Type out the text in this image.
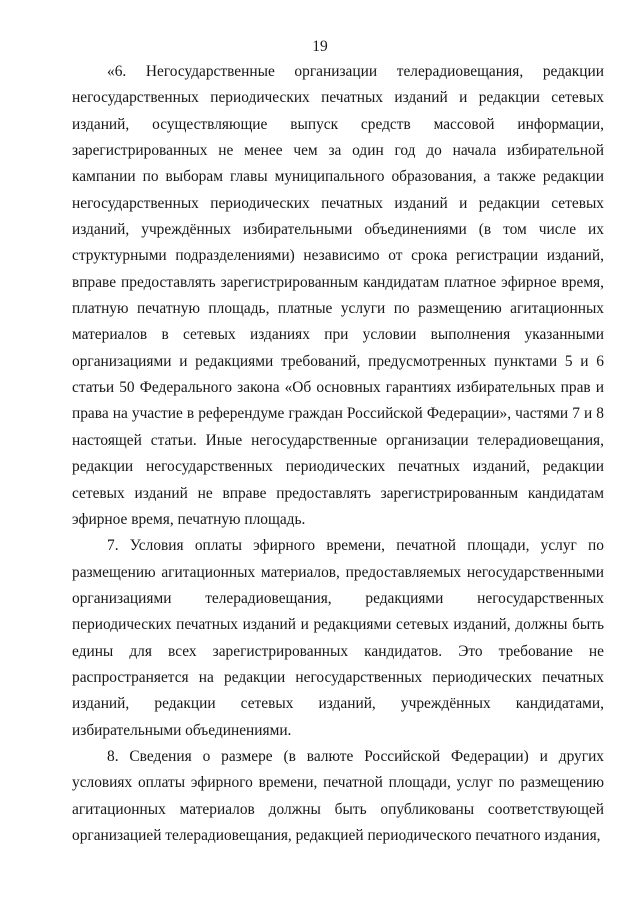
19

«6. Негосударственные организации телерадиовещания, редакции негосударственных периодических печатных изданий и редакции сетевых изданий, осуществляющие выпуск средств массовой информации, зарегистрированных не менее чем за один год до начала избирательной кампании по выборам главы муниципального образования, а также редакции негосударственных периодических печатных изданий и редакции сетевых изданий, учреждённых избирательными объединениями (в том числе их структурными подразделениями) независимо от срока регистрации изданий, вправе предоставлять зарегистрированным кандидатам платное эфирное время, платную печатную площадь, платные услуги по размещению агитационных материалов в сетевых изданиях при условии выполнения указанными организациями и редакциями требований, предусмотренных пунктами 5 и 6 статьи 50 Федерального закона «Об основных гарантиях избирательных прав и права на участие в референдуме граждан Российской Федерации», частями 7 и 8 настоящей статьи. Иные негосударственные организации телерадиовещания, редакции негосударственных периодических печатных изданий, редакции сетевых изданий не вправе предоставлять зарегистрированным кандидатам эфирное время, печатную площадь.

7. Условия оплаты эфирного времени, печатной площади, услуг по размещению агитационных материалов, предоставляемых негосударственными организациями телерадиовещания, редакциями негосударственных периодических печатных изданий и редакциями сетевых изданий, должны быть едины для всех зарегистрированных кандидатов. Это требование не распространяется на редакции негосударственных периодических печатных изданий, редакции сетевых изданий, учреждённых кандидатами, избирательными объединениями.

8. Сведения о размере (в валюте Российской Федерации) и других условиях оплаты эфирного времени, печатной площади, услуг по размещению агитационных материалов должны быть опубликованы соответствующей организацией телерадиовещания, редакцией периодического печатного издания,
